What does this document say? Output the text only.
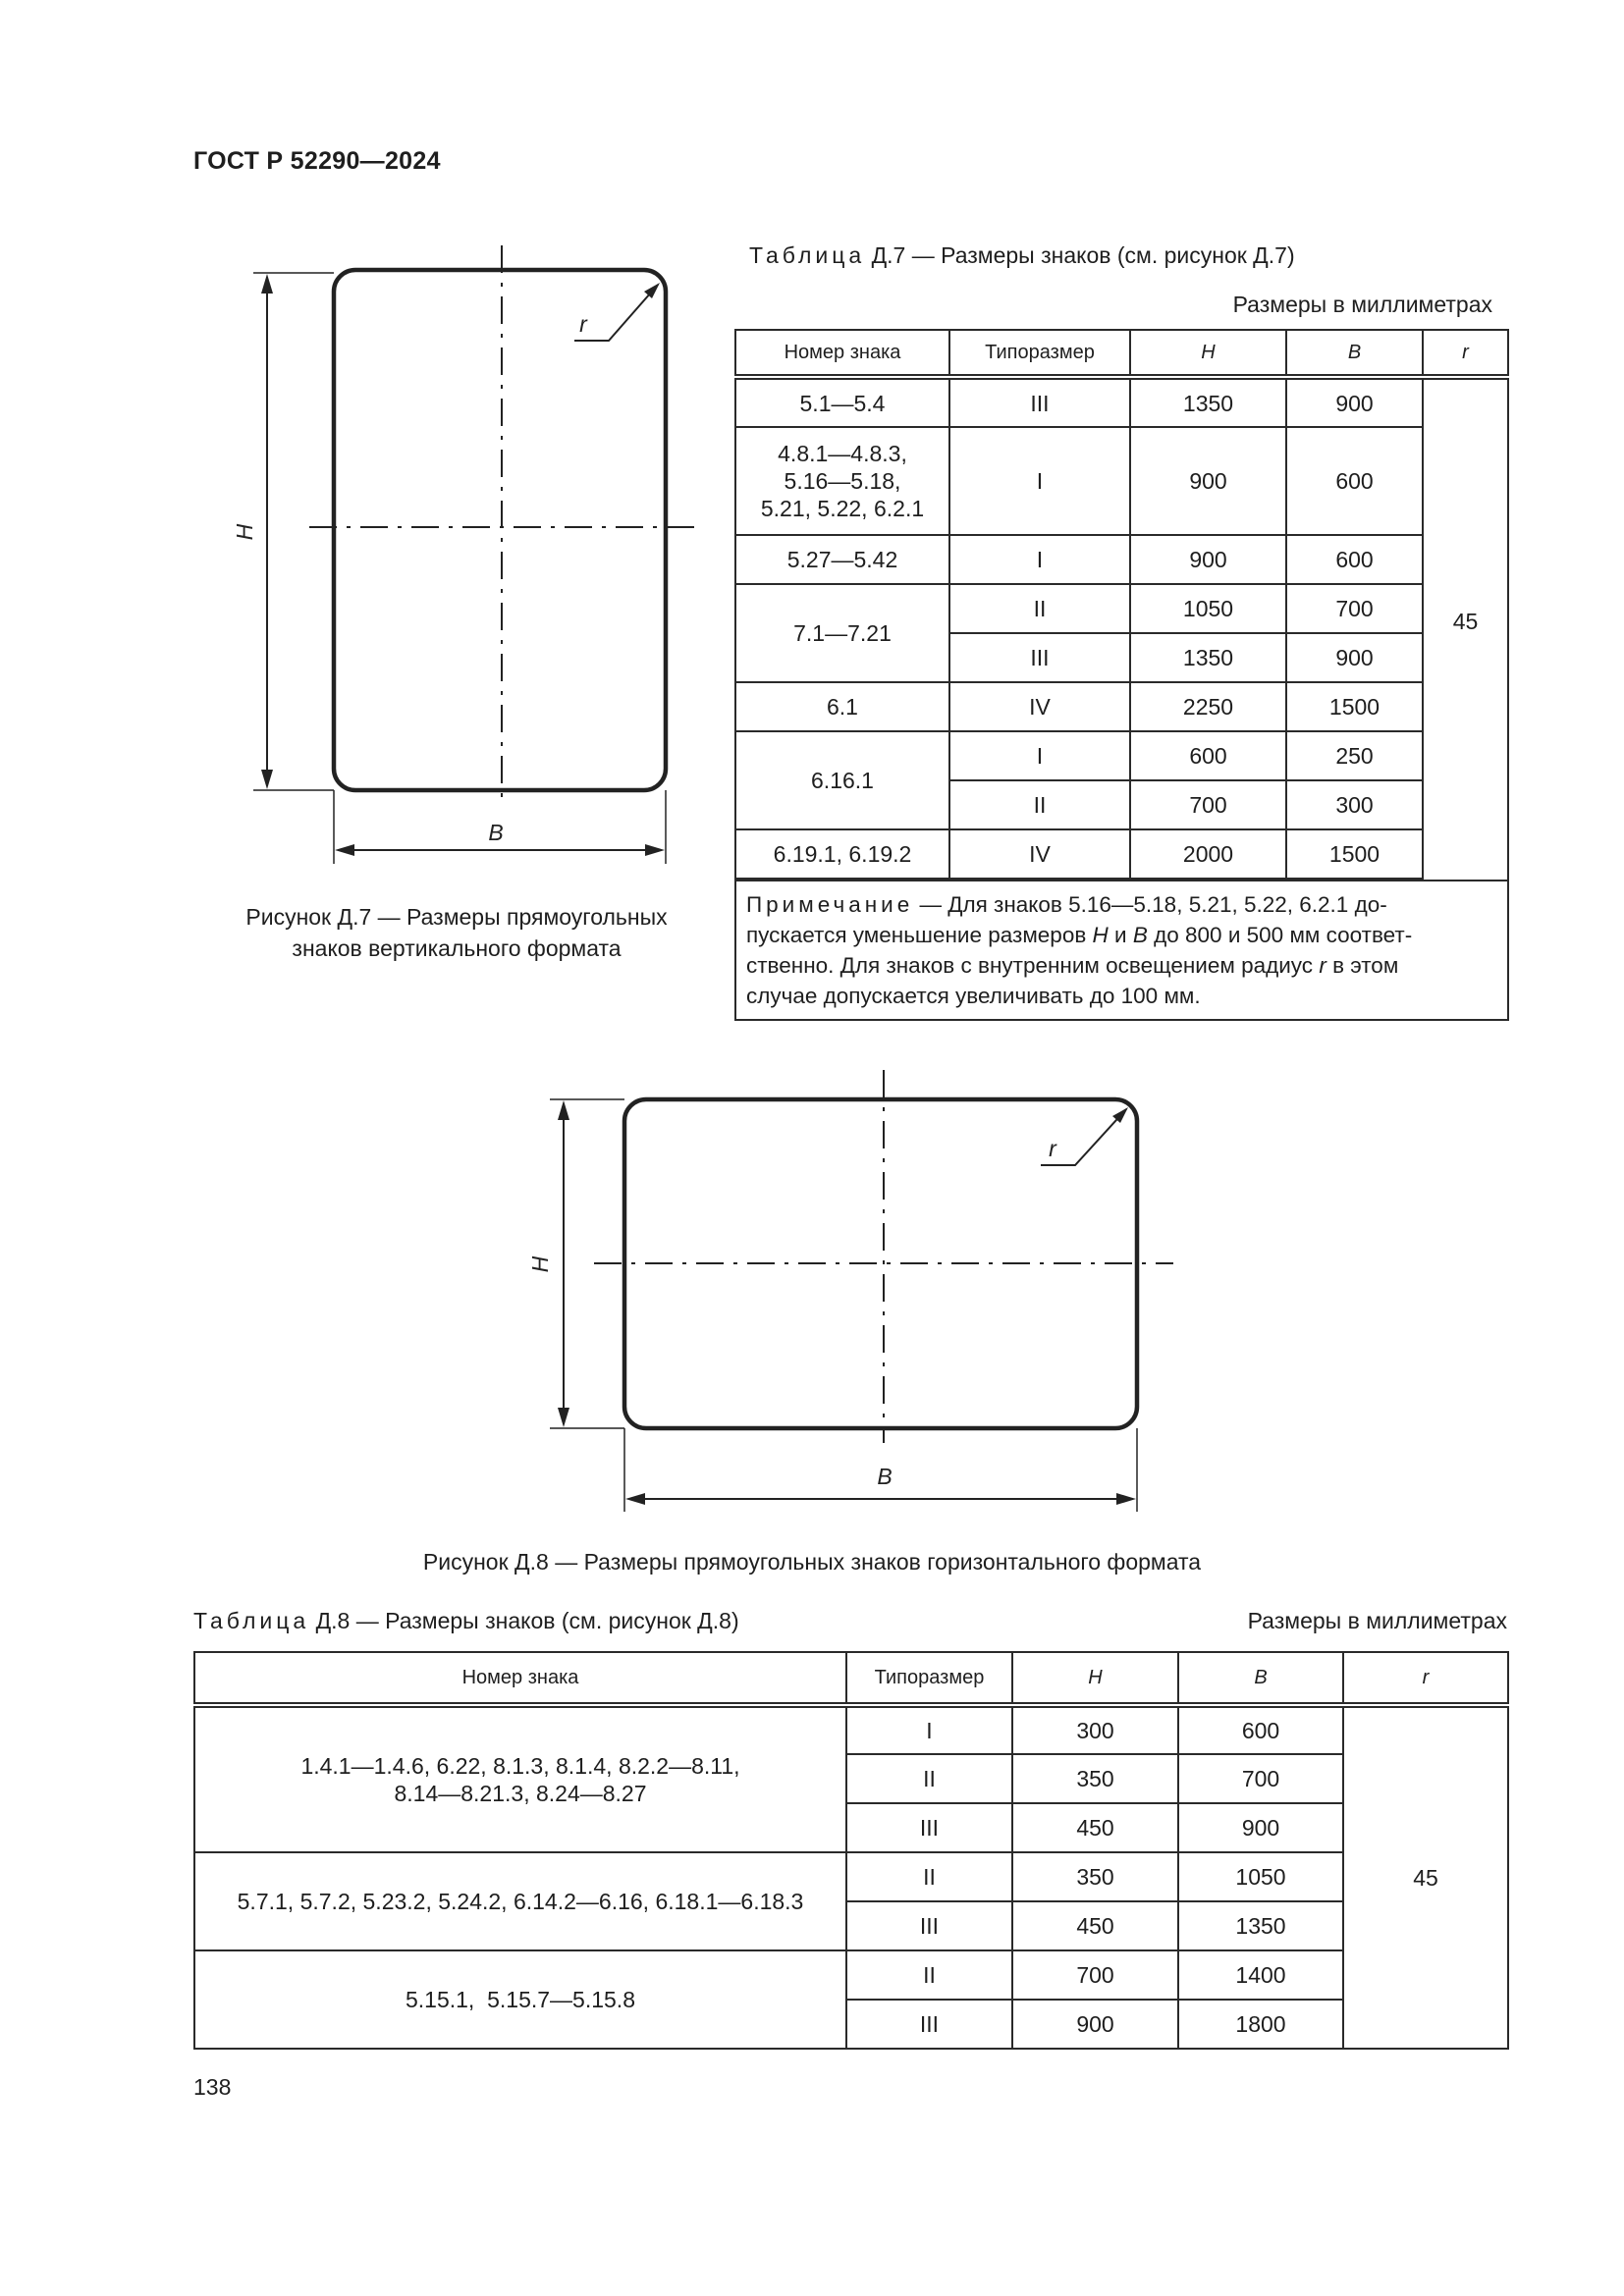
ГОСТ Р 52290—2024
H
B
r
H
B
r
Рисунок Д.7 — Размеры прямоугольных
знаков вертикального формата
Таблица Д.7 — Размеры знаков (см. рисунок Д.7)
Размеры в миллиметрах
Номер знака	Типоразмер	H	B	r
5.1—5.4	III	1350	900	45

4.8.1—4.8.3,
5.16—5.18,
5.21, 5.22, 6.2.1	I	900	600	
5.27—5.42	I	900	600	
7.1—7.21	II	1050	700	
	III	1350	900	
6.1	IV	2250	1500	
6.16.1	I	600	250	
	II	700	300	
6.19.1, 6.19.2	IV	2000	1500	

Примечание — Для знаков 5.16—5.18, 5.21, 5.22, 6.2.1 до-
пускается уменьшение размеров H и B до 800 и 500 мм соответ-
ственно. Для знаков с внутренним освещением радиус r в этом
случае допускается увеличивать до 100 мм.				
Рисунок Д.8 — Размеры прямоугольных знаков горизонтального формата
Таблица Д.8 — Размеры знаков (см. рисунок Д.8)	Размеры в миллиметрах
Номер знака	Типоразмер	H	B	r

1.4.1—1.4.6, 6.22, 8.1.3, 8.1.4, 8.2.2—8.11,
8.14—8.21.3, 8.24—8.27	I	300	600	45
	II	350	700	
	III	450	900	

5.7.1, 5.7.2, 5.23.2, 5.24.2, 6.14.2—6.16, 6.18.1—6.18.3	II	350	1050	
	III	450	1350	

5.15.1,  5.15.7—5.15.8	II	700	1400	
	III	900	1800	
138
